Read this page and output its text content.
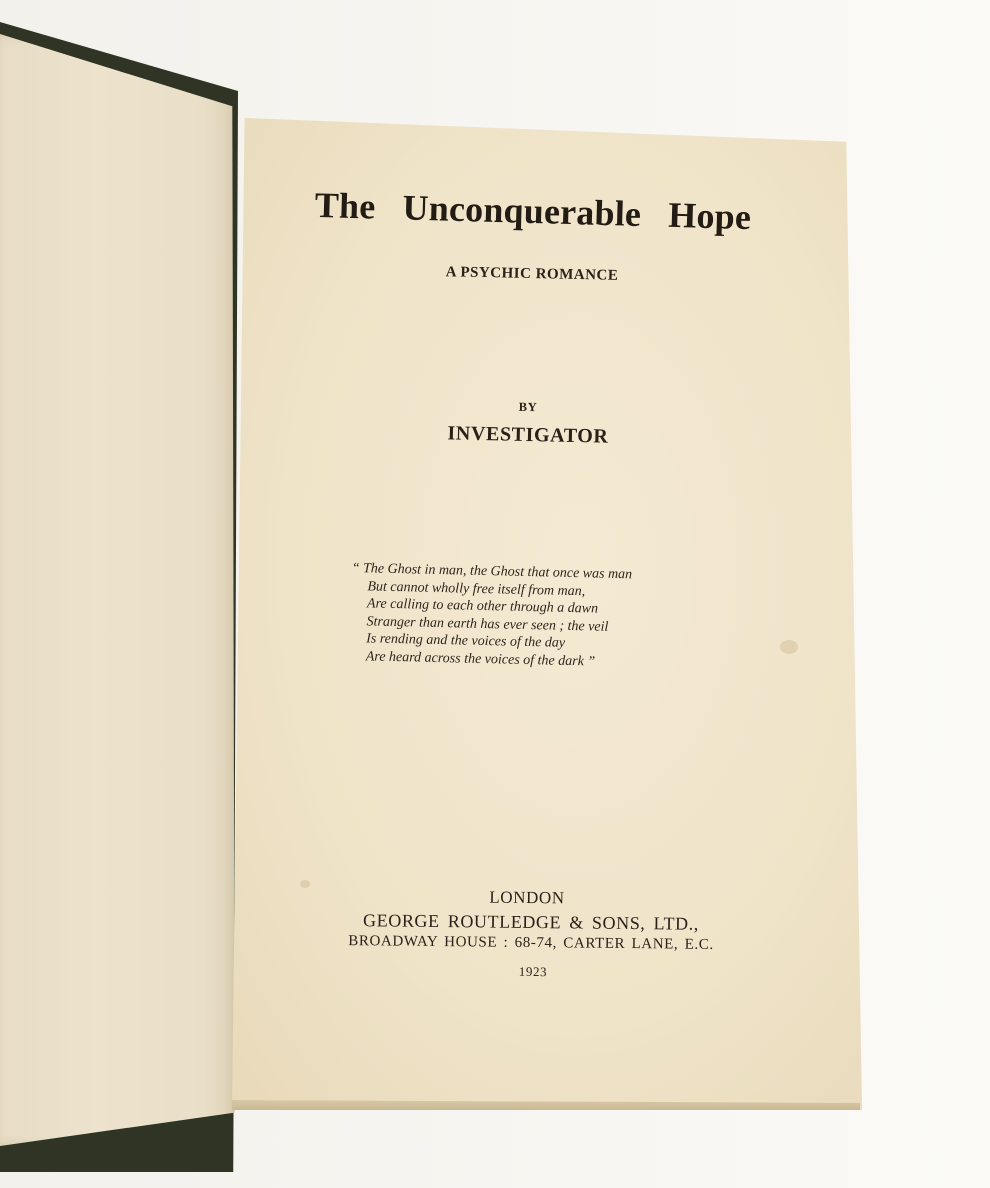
The Unconquerable Hope
A PSYCHIC ROMANCE
BY
INVESTIGATOR
“ The Ghost in man, the Ghost that once was man
But cannot wholly free itself from man,
Are calling to each other through a dawn
Stranger than earth has ever seen ; the veil
Is rending and the voices of the day
Are heard across the voices of the dark ”
LONDON
GEORGE ROUTLEDGE & SONS, LTD.,
BROADWAY HOUSE : 68-74, CARTER LANE, E.C.
1923
